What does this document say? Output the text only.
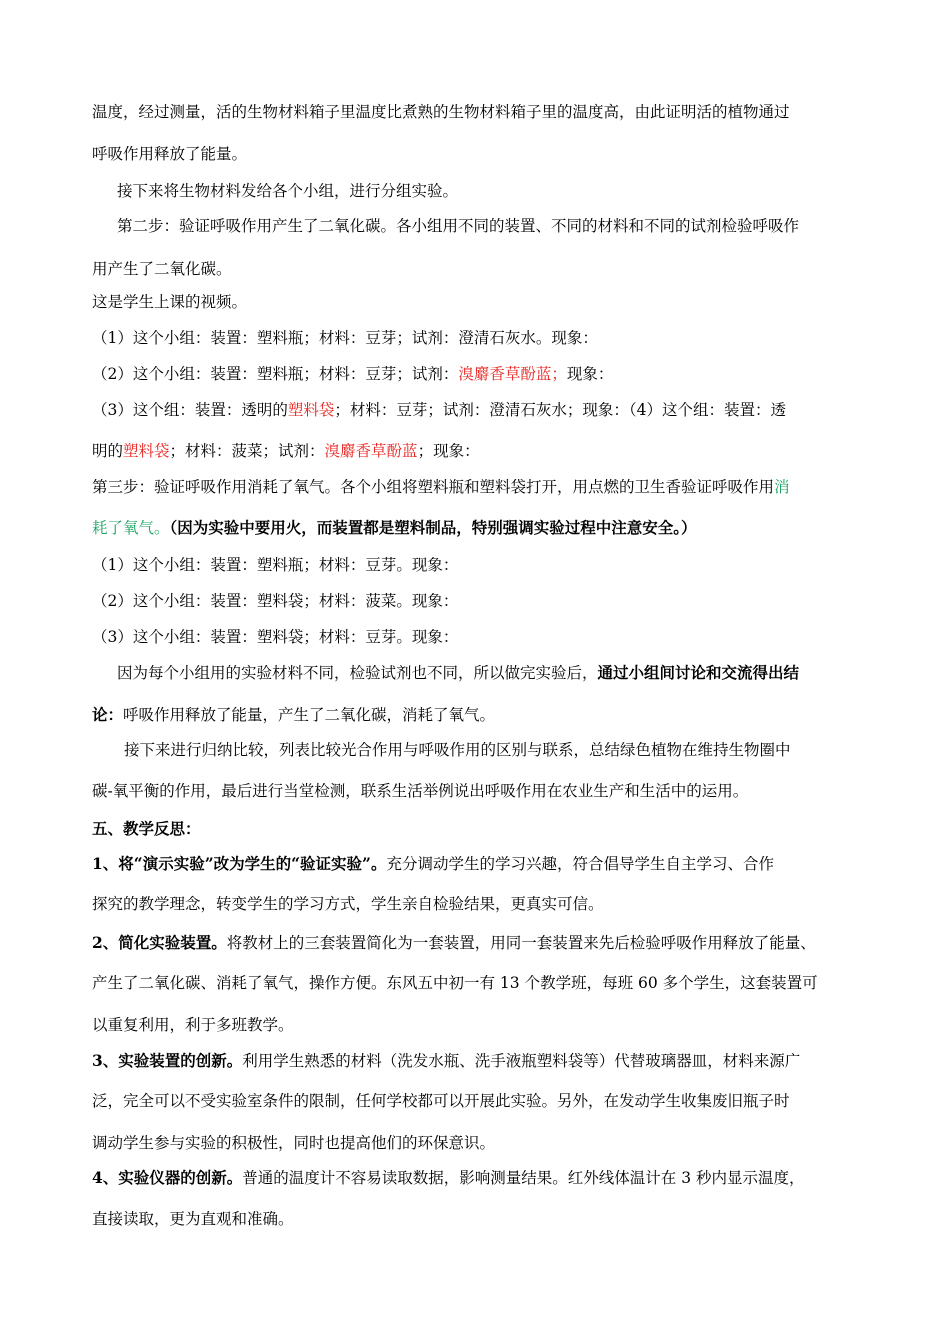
温度，经过测量，活的生物材料箱子里温度比煮熟的生物材料箱子里的温度高，由此证明活的植物通过
呼吸作用释放了能量。
接下来将生物材料发给各个小组，进行分组实验。
第二步：验证呼吸作用产生了二氧化碳。各小组用不同的装置、不同的材料和不同的试剂检验呼吸作
用产生了二氧化碳。
这是学生上课的视频。
（1）这个小组：装置：塑料瓶；材料：豆芽；试剂：澄清石灰水。现象：
（2）这个小组：装置：塑料瓶；材料：豆芽；试剂：溴麝香草酚蓝；现象：
（3）这个组：装置：透明的塑料袋；材料：豆芽；试剂：澄清石灰水；现象：（4）这个组：装置：透
明的塑料袋；材料：菠菜；试剂：溴麝香草酚蓝；现象：
第三步：验证呼吸作用消耗了氧气。各个小组将塑料瓶和塑料袋打开，用点燃的卫生香验证呼吸作用消
耗了氧气。（因为实验中要用火，而装置都是塑料制品，特别强调实验过程中注意安全。）
（1）这个小组：装置：塑料瓶；材料：豆芽。现象：
（2）这个小组：装置：塑料袋；材料：菠菜。现象：
（3）这个小组：装置：塑料袋；材料：豆芽。现象：
因为每个小组用的实验材料不同，检验试剂也不同，所以做完实验后，通过小组间讨论和交流得出结
论：呼吸作用释放了能量，产生了二氧化碳，消耗了氧气。
接下来进行归纳比较，列表比较光合作用与呼吸作用的区别与联系，总结绿色植物在维持生物圈中
碳-氧平衡的作用，最后进行当堂检测，联系生活举例说出呼吸作用在农业生产和生活中的运用。
五、教学反思：
1、将“演示实验”改为学生的“验证实验”。充分调动学生的学习兴趣，符合倡导学生自主学习、合作
探究的教学理念，转变学生的学习方式，学生亲自检验结果，更真实可信。
2、简化实验装置。将教材上的三套装置简化为一套装置，用同一套装置来先后检验呼吸作用释放了能量、
产生了二氧化碳、消耗了氧气，操作方便。东风五中初一有 13 个教学班，每班 60 多个学生，这套装置可
以重复利用，利于多班教学。
3、实验装置的创新。利用学生熟悉的材料（洗发水瓶、洗手液瓶塑料袋等）代替玻璃器皿，材料来源广
泛，完全可以不受实验室条件的限制，任何学校都可以开展此实验。另外，在发动学生收集废旧瓶子时
调动学生参与实验的积极性，同时也提高他们的环保意识。
4、实验仪器的创新。普通的温度计不容易读取数据，影响测量结果。红外线体温计在 3 秒内显示温度，
直接读取，更为直观和准确。
